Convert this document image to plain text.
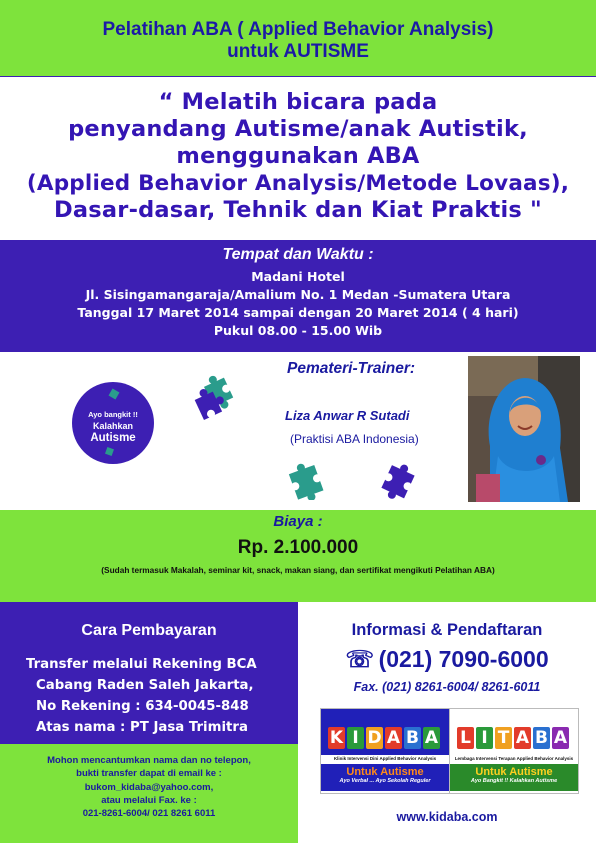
Pelatihan ABA ( Applied Behavior Analysis)
untuk AUTISME
“ Melatih bicara pada
penyandang Autisme/anak Autistik,
menggunakan ABA
(Applied Behavior Analysis/Metode Lovaas),
Dasar-dasar, Tehnik dan Kiat Praktis "
Tempat dan Waktu :
Madani Hotel
Jl. Sisingamangaraja/Amalium No. 1 Medan -Sumatera Utara
Tanggal 17 Maret 2014 sampai dengan 20 Maret 2014 ( 4 hari)
Pukul 08.00 - 15.00 Wib
Ayo bangkit !!
Kalahkan
Autisme
Pemateri-Trainer:
Liza Anwar R Sutadi
(Praktisi ABA Indonesia)
Biaya :
Rp. 2.100.000
(Sudah termasuk Makalah, seminar kit, snack, makan siang, dan sertifikat mengikuti Pelatihan ABA)
Cara Pembayaran
Transfer melalui Rekening BCA
Cabang Raden Saleh Jakarta,
No Rekening : 634-0045-848
Atas nama : PT Jasa Trimitra
Mohon mencantumkan nama dan no telepon,
bukti transfer dapat di email ke :
bukom_kidaba@yahoo.com,
atau melalui Fax. ke :
021-8261-6004/ 021 8261 6011
Informasi & Pendaftaran
☏ (021) 7090-6000
Fax. (021) 8261-6004/ 8261-6011
K I D A B A
Klinik Intervensi Dini Applied Behavior Analysis
Untuk Autisme
Ayo Verbal ... Ayo Sekolah Reguler
L I T A B A
Lembaga Intervensi Terapan Applied Behavior Analysis
Untuk Autisme
Ayo Bangkit !! Kalahkan Autisme
www.kidaba.com
